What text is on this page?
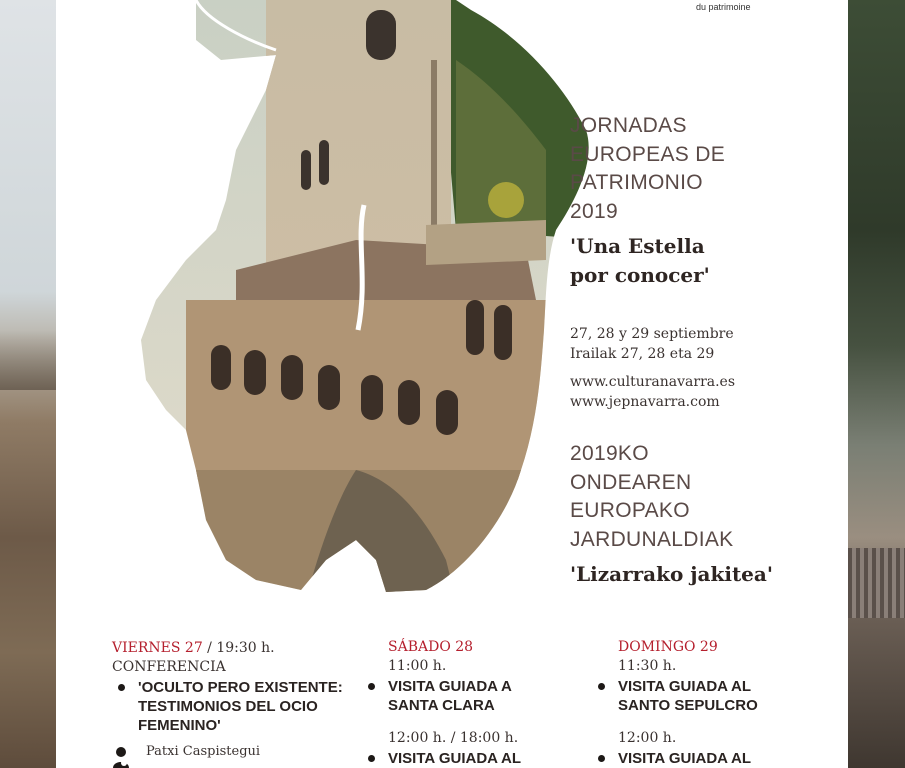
du patrimoine
JORNADAS
EUROPEAS DE
PATRIMONIO
2019
'Una Estella
por conocer'
27, 28 y 29 septiembre
Irailak 27, 28 eta 29
www.culturanavarra.es
www.jepnavarra.com
2019KO
ONDEAREN
EUROPAKO
JARDUNALDIAK
'Lizarrako jakitea'
VIERNES 27 / 19:30 h.
CONFERENCIA
'OCULTO PERO EXISTENTE:
TESTIMONIOS DEL OCIO
FEMENINO'
Patxi Caspistegui
SÁBADO 28
11:00 h.
VISITA GUIADA A
SANTA CLARA
12:00 h. / 18:00 h.
VISITA GUIADA AL
DOMINGO 29
11:30 h.
VISITA GUIADA AL
SANTO SEPULCRO
12:00 h.
VISITA GUIADA AL
